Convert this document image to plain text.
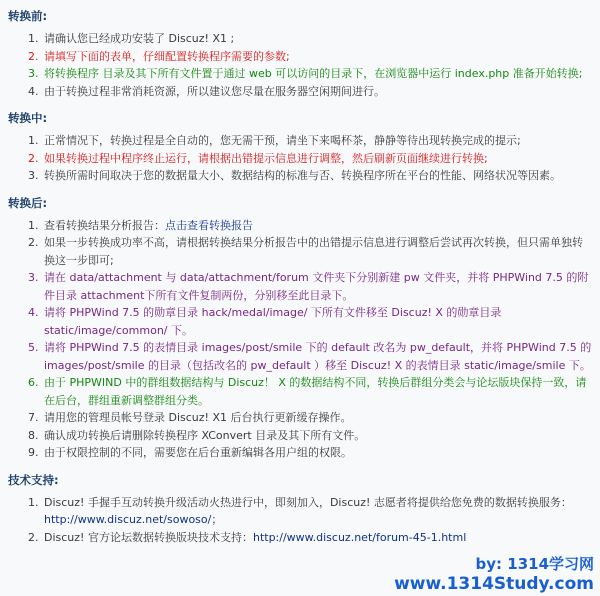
转换前:
1. 请确认您已经成功安装了 Discuz! X1 ;
2. 请填写下面的表单，仔细配置转换程序需要的参数;
3. 将转换程序 目录及其下所有文件置于通过 web 可以访问的目录下，在浏览器中运行 index.php 准备开始转换;
4. 由于转换过程非常消耗资源，所以建议您尽量在服务器空闲期间进行。
转换中:
1. 正常情况下，转换过程是全自动的，您无需干预，请坐下来喝杯茶，静静等待出现转换完成的提示;
2. 如果转换过程中程序终止运行，请根据出错提示信息进行调整，然后刷新页面继续进行转换;
3. 转换所需时间取决于您的数据量大小、数据结构的标准与否、转换程序所在平台的性能、网络状况等因素。
转换后:
1. 查看转换结果分析报告：点击查看转换报告
2. 如果一步转换成功率不高，请根据转换结果分析报告中的出错提示信息进行调整后尝试再次转换，但只需单独转换这一步即可;
3. 请在 data/attachment 与 data/attachment/forum 文件夹下分别新建 pw 文件夹，并将 PHPWind 7.5 的附件目录 attachment下所有文件复制两份，分别移至此目录下。
4. 请将 PHPWind 7.5 的勋章目录 hack/medal/image/ 下所有文件移至 Discuz! X 的勋章目录 static/image/common/ 下。
5. 请将 PHPWind 7.5 的表情目录 images/post/smile 下的 default 改名为 pw_default，并将 PHPWind 7.5 的 images/post/smile 的目录（包括改名的 pw_default ）移至 Discuz! X 的表情目录 static/image/smile 下。
6. 由于 PHPWIND 中的群组数据结构与 Discuz！ X 的数据结构不同，转换后群组分类会与论坛版块保持一致，请在后台，群组重新调整群组分类。
7. 请用您的管理员帐号登录 Discuz! X1 后台执行更新缓存操作。
8. 确认成功转换后请删除转换程序 XConvert 目录及其下所有文件。
9. 由于权限控制的不同，需要您在后台重新编辑各用户组的权限。
技术支持:
1. Discuz! 手握手互动转换升级活动火热进行中，即刻加入，Discuz! 志愿者将提供给您免费的数据转换服务：http://www.discuz.net/sowoso/；
2. Discuz! 官方论坛数据转换版块技术支持：http://www.discuz.net/forum-45-1.html
by: 1314学习网
www.1314Study.com
